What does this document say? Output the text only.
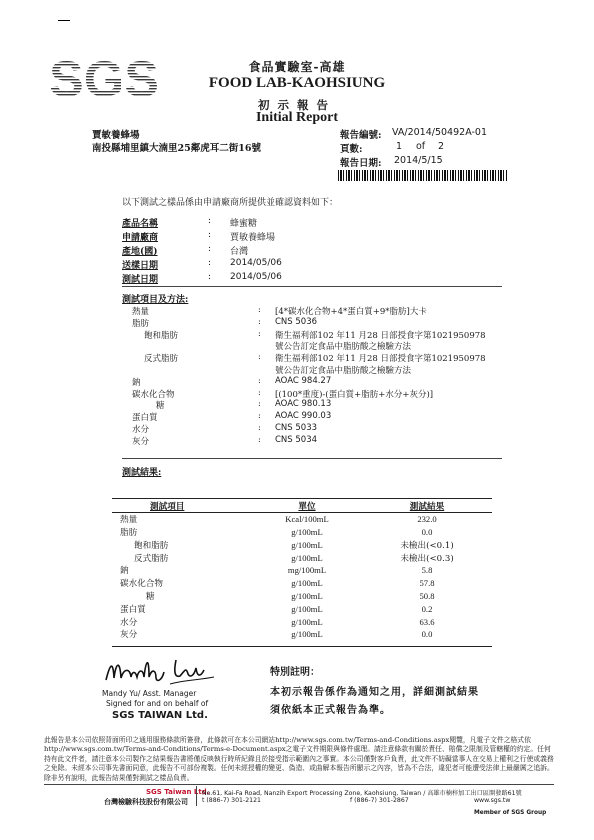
SGS	食品實驗室-高雄
FOOD LAB-KAOHSIUNG
初示報告
Initial Report
賈敏養蜂場
南投縣埔里鎮大湳里25鄰虎耳二街16號
報告編號: VA/2014/50492A-01
頁數:	1 of 2
報告日期: 2014/5/15
以下測試之樣品係由申請廠商所提供並確認資料如下：
產品名稱	: 蜂蜜糖
申請廠商	: 賈敏養蜂場
產地(國)	: 台灣
送樣日期	: 2014/05/06
測試日期	: 2014/05/06
測試項目及方法:
熱量	: [4*碳水化合物+4*蛋白質+9*脂肪]大卡
脂肪	: CNS 5036
飽和脂肪	: 衛生福利部102 年11 月28 日部授食字第1021950978
號公告訂定食品中脂肪酸之檢驗方法
反式脂肪	: 衛生福利部102 年11 月28 日部授食字第1021950978
號公告訂定食品中脂肪酸之檢驗方法
鈉	: AOAC 984.27
碳水化合物	: [(100*重度)-(蛋白質+脂肪+水分+灰分)]
糖	: AOAC 980.13
蛋白質	: AOAC 990.03
水分	: CNS 5033
灰分	: CNS 5034
測試結果:
測試項目	單位	測試結果
熱量	Kcal/100mL	232.0
脂肪	g/100mL	0.0
飽和脂肪	g/100mL	未檢出(<0.1)
反式脂肪	g/100mL	未檢出(<0.3)
鈉	mg/100mL	5.8
碳水化合物	g/100mL	57.8
糖	g/100mL	50.8
蛋白質	g/100mL	0.2
水分	g/100mL	63.6
灰分	g/100mL	0.0
Mandy Yu/ Asst. Manager
Signed for and on behalf of
SGS TAIWAN Ltd.
特別註明：
本初示報告係作為通知之用，詳細測試結果
須依紙本正式報告為準。
此報告是本公司依照背面所印之通用服務條款所簽發，此條款可在本公司網站http://www.sgs.com.tw/Terms-and-Conditions.aspx閱覽，凡電子文件之格式依http://www.sgs.com.tw/Terms-and-Conditions/Terms-e-Document.aspx之電子文件期限與條件處理。請注意條款有關於責任、賠償之限制及管轄權的約定。任何持有此文件者，請注意本公司製作之結果報告書將僅反映執行時所紀錄且於接受指示範圍內之事實。本公司僅對客戶負責，此文件不妨礙當事人在交易上權利之行使或義務之免除。未經本公司事先書面同意，此報告不可部份複製。任何未經授權的變更、偽造、或曲解本報告所顯示之內容，皆為不合法，違犯者可能遭受法律上最嚴厲之追訴。除非另有說明，此報告結果僅對測試之樣品負責。
SGS Taiwan Ltd.
台灣檢驗科技股份有限公司
No.61, Kai-Fa Road, Nanzih Export Processing Zone, Kaohsiung, Taiwan / 高雄市楠梓加工出口區開發路61號
t (886-7) 301-2121	f (886-7) 301-2867	www.sgs.tw
Member of SGS Group
